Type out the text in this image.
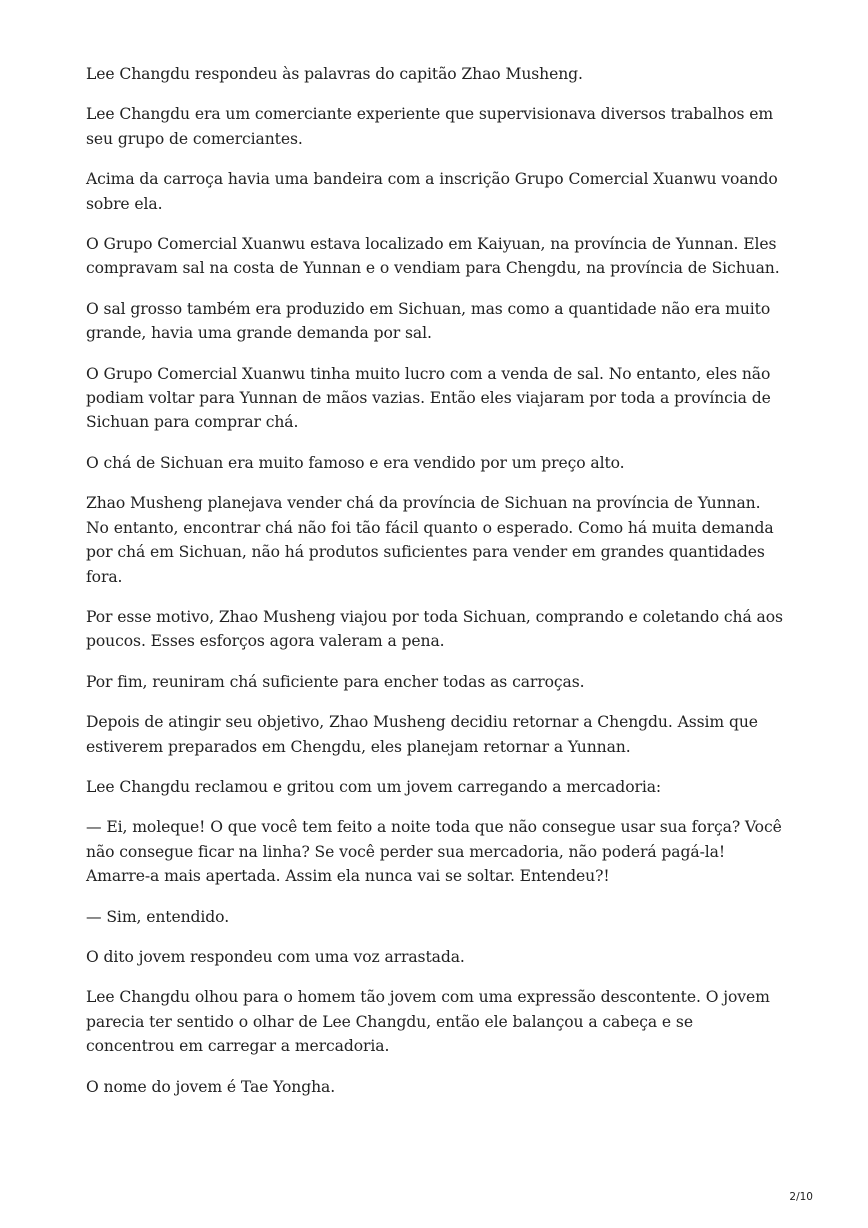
Lee Changdu respondeu às palavras do capitão Zhao Musheng.

Lee Changdu era um comerciante experiente que supervisionava diversos trabalhos em seu grupo de comerciantes.

Acima da carroça havia uma bandeira com a inscrição Grupo Comercial Xuanwu voando sobre ela.

O Grupo Comercial Xuanwu estava localizado em Kaiyuan, na província de Yunnan. Eles compravam sal na costa de Yunnan e o vendiam para Chengdu, na província de Sichuan.

O sal grosso também era produzido em Sichuan, mas como a quantidade não era muito grande, havia uma grande demanda por sal.

O Grupo Comercial Xuanwu tinha muito lucro com a venda de sal. No entanto, eles não podiam voltar para Yunnan de mãos vazias. Então eles viajaram por toda a província de Sichuan para comprar chá.

O chá de Sichuan era muito famoso e era vendido por um preço alto.

Zhao Musheng planejava vender chá da província de Sichuan na província de Yunnan. No entanto, encontrar chá não foi tão fácil quanto o esperado. Como há muita demanda por chá em Sichuan, não há produtos suficientes para vender em grandes quantidades fora.

Por esse motivo, Zhao Musheng viajou por toda Sichuan, comprando e coletando chá aos poucos. Esses esforços agora valeram a pena.

Por fim, reuniram chá suficiente para encher todas as carroças.

Depois de atingir seu objetivo, Zhao Musheng decidiu retornar a Chengdu. Assim que estiverem preparados em Chengdu, eles planejam retornar a Yunnan.

Lee Changdu reclamou e gritou com um jovem carregando a mercadoria:

— Ei, moleque! O que você tem feito a noite toda que não consegue usar sua força? Você não consegue ficar na linha? Se você perder sua mercadoria, não poderá pagá-la! Amarre-a mais apertada. Assim ela nunca vai se soltar. Entendeu?!

— Sim, entendido.

O dito jovem respondeu com uma voz arrastada.

Lee Changdu olhou para o homem tão jovem com uma expressão descontente. O jovem parecia ter sentido o olhar de Lee Changdu, então ele balançou a cabeça e se concentrou em carregar a mercadoria.

O nome do jovem é Tae Yongha.

2/10
